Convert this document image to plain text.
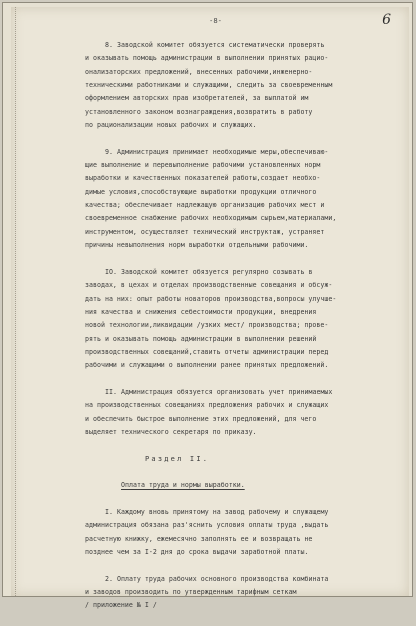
-8-	6
8. Заводской комитет обязуется систематически проверять
и оказывать помощь администрации в выполнении принятых рацио-
онализаторских предложений, внесенных рабочими,инженерно-
техническими работниками и служащими, следить за своевременным
оформлением авторских прав изобретателей, за выплатой им
установленного законом вознаграждения,возвратить в работу
по рационализации новых рабочих и служащих.
9. Администрация принимает необходимые меры,обеспечиваю-
щие выполнение и перевыполнение рабочими установленных норм
выработки и качественных показателей работы,создает необхо-
димые условия,способствующие выработки продукции отличного
качества; обеспечивает надлежащую организацию рабочих мест и
своевременное снабжение рабочих необходимым сырьем,материалами,
инструментом, осуществляет технический инструктаж, устраняет
причины невыполнения норм выработки отдельными рабочими.
IO. Заводской комитет обязуется регулярно созывать в
заводах, в цехах и отделах производственные совещания и обсуж-
дать на них: опыт работы новаторов производства,вопросы улучше-
ния качества и снижения себестоимости продукции, внедрения
новой технологии,ликвидации /узких мест/ производства; прове-
рять и оказывать помощь администрации в выполнении решений
производственных совещаний,ставить отчеты администрации перед
рабочими и служащими о выполнении ранее принятых предложений.
II. Администрация обязуется организовать учет принимаемых
на производственных совещаниях предложения рабочих и служащих
и обеспечить быстрое выполнение этих предложений, для чего
выделяет технического секретаря по приказу.
Раздел II.

Оплата труда и нормы выработки.
I. Каждому вновь принятому на завод рабочему и служащему
администрация обязана раз'яснить условия оплаты труда ,выдать
расчетную книжку, ежемесячно заполнять ее и возвращать не
позднее чем за I-2 дня до срока выдачи заработной платы.
2. Оплату труда рабочих основного производства комбината
и заводов производить по утвержденным тарифным сеткам
/ приложение № I /
